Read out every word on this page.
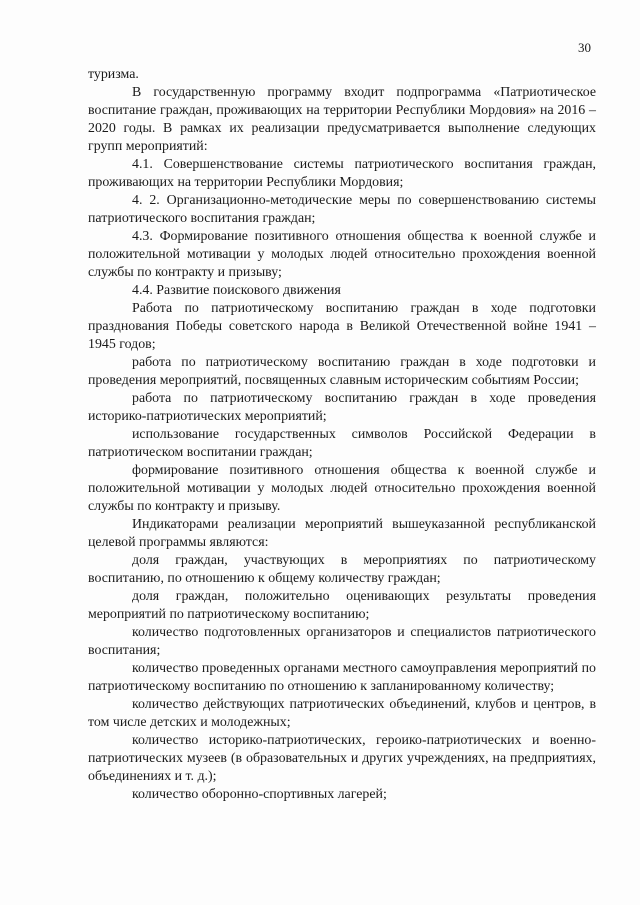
30

туризма.

В государственную программу входит подпрограмма «Патриотическое воспитание граждан, проживающих на территории Республики Мордовия» на 2016 – 2020 годы. В рамках их реализации предусматривается выполнение следующих групп мероприятий:

4.1. Совершенствование системы патриотического воспитания граждан, проживающих на территории Республики Мордовия;

4. 2. Организационно-методические меры по совершенствованию системы патриотического воспитания граждан;

4.3. Формирование позитивного отношения общества к военной службе и положительной мотивации у молодых людей относительно прохождения военной службы по контракту и призыву;

4.4. Развитие поискового движения

Работа по патриотическому воспитанию граждан в ходе подготовки празднования Победы советского народа в Великой Отечественной войне 1941 – 1945 годов;

работа по патриотическому воспитанию граждан в ходе подготовки и проведения мероприятий, посвященных славным историческим событиям России;

работа по патриотическому воспитанию граждан в ходе проведения историко-патриотических мероприятий;

использование государственных символов Российской Федерации в патриотическом воспитании граждан;

формирование позитивного отношения общества к военной службе и положительной мотивации у молодых людей относительно прохождения военной службы по контракту и призыву.

Индикаторами реализации мероприятий вышеуказанной республиканской целевой программы являются:

доля граждан, участвующих в мероприятиях по патриотическому воспитанию, по отношению к общему количеству граждан;

доля граждан, положительно оценивающих результаты проведения мероприятий по патриотическому воспитанию;

количество подготовленных организаторов и специалистов патриотического воспитания;

количество проведенных органами местного самоуправления мероприятий по патриотическому воспитанию по отношению к запланированному количеству;

количество действующих патриотических объединений, клубов и центров, в том числе детских и молодежных;

количество историко-патриотических, героико-патриотических и военно-патриотических музеев (в образовательных и других учреждениях, на предприятиях, объединениях и т. д.);

количество оборонно-спортивных лагерей;
